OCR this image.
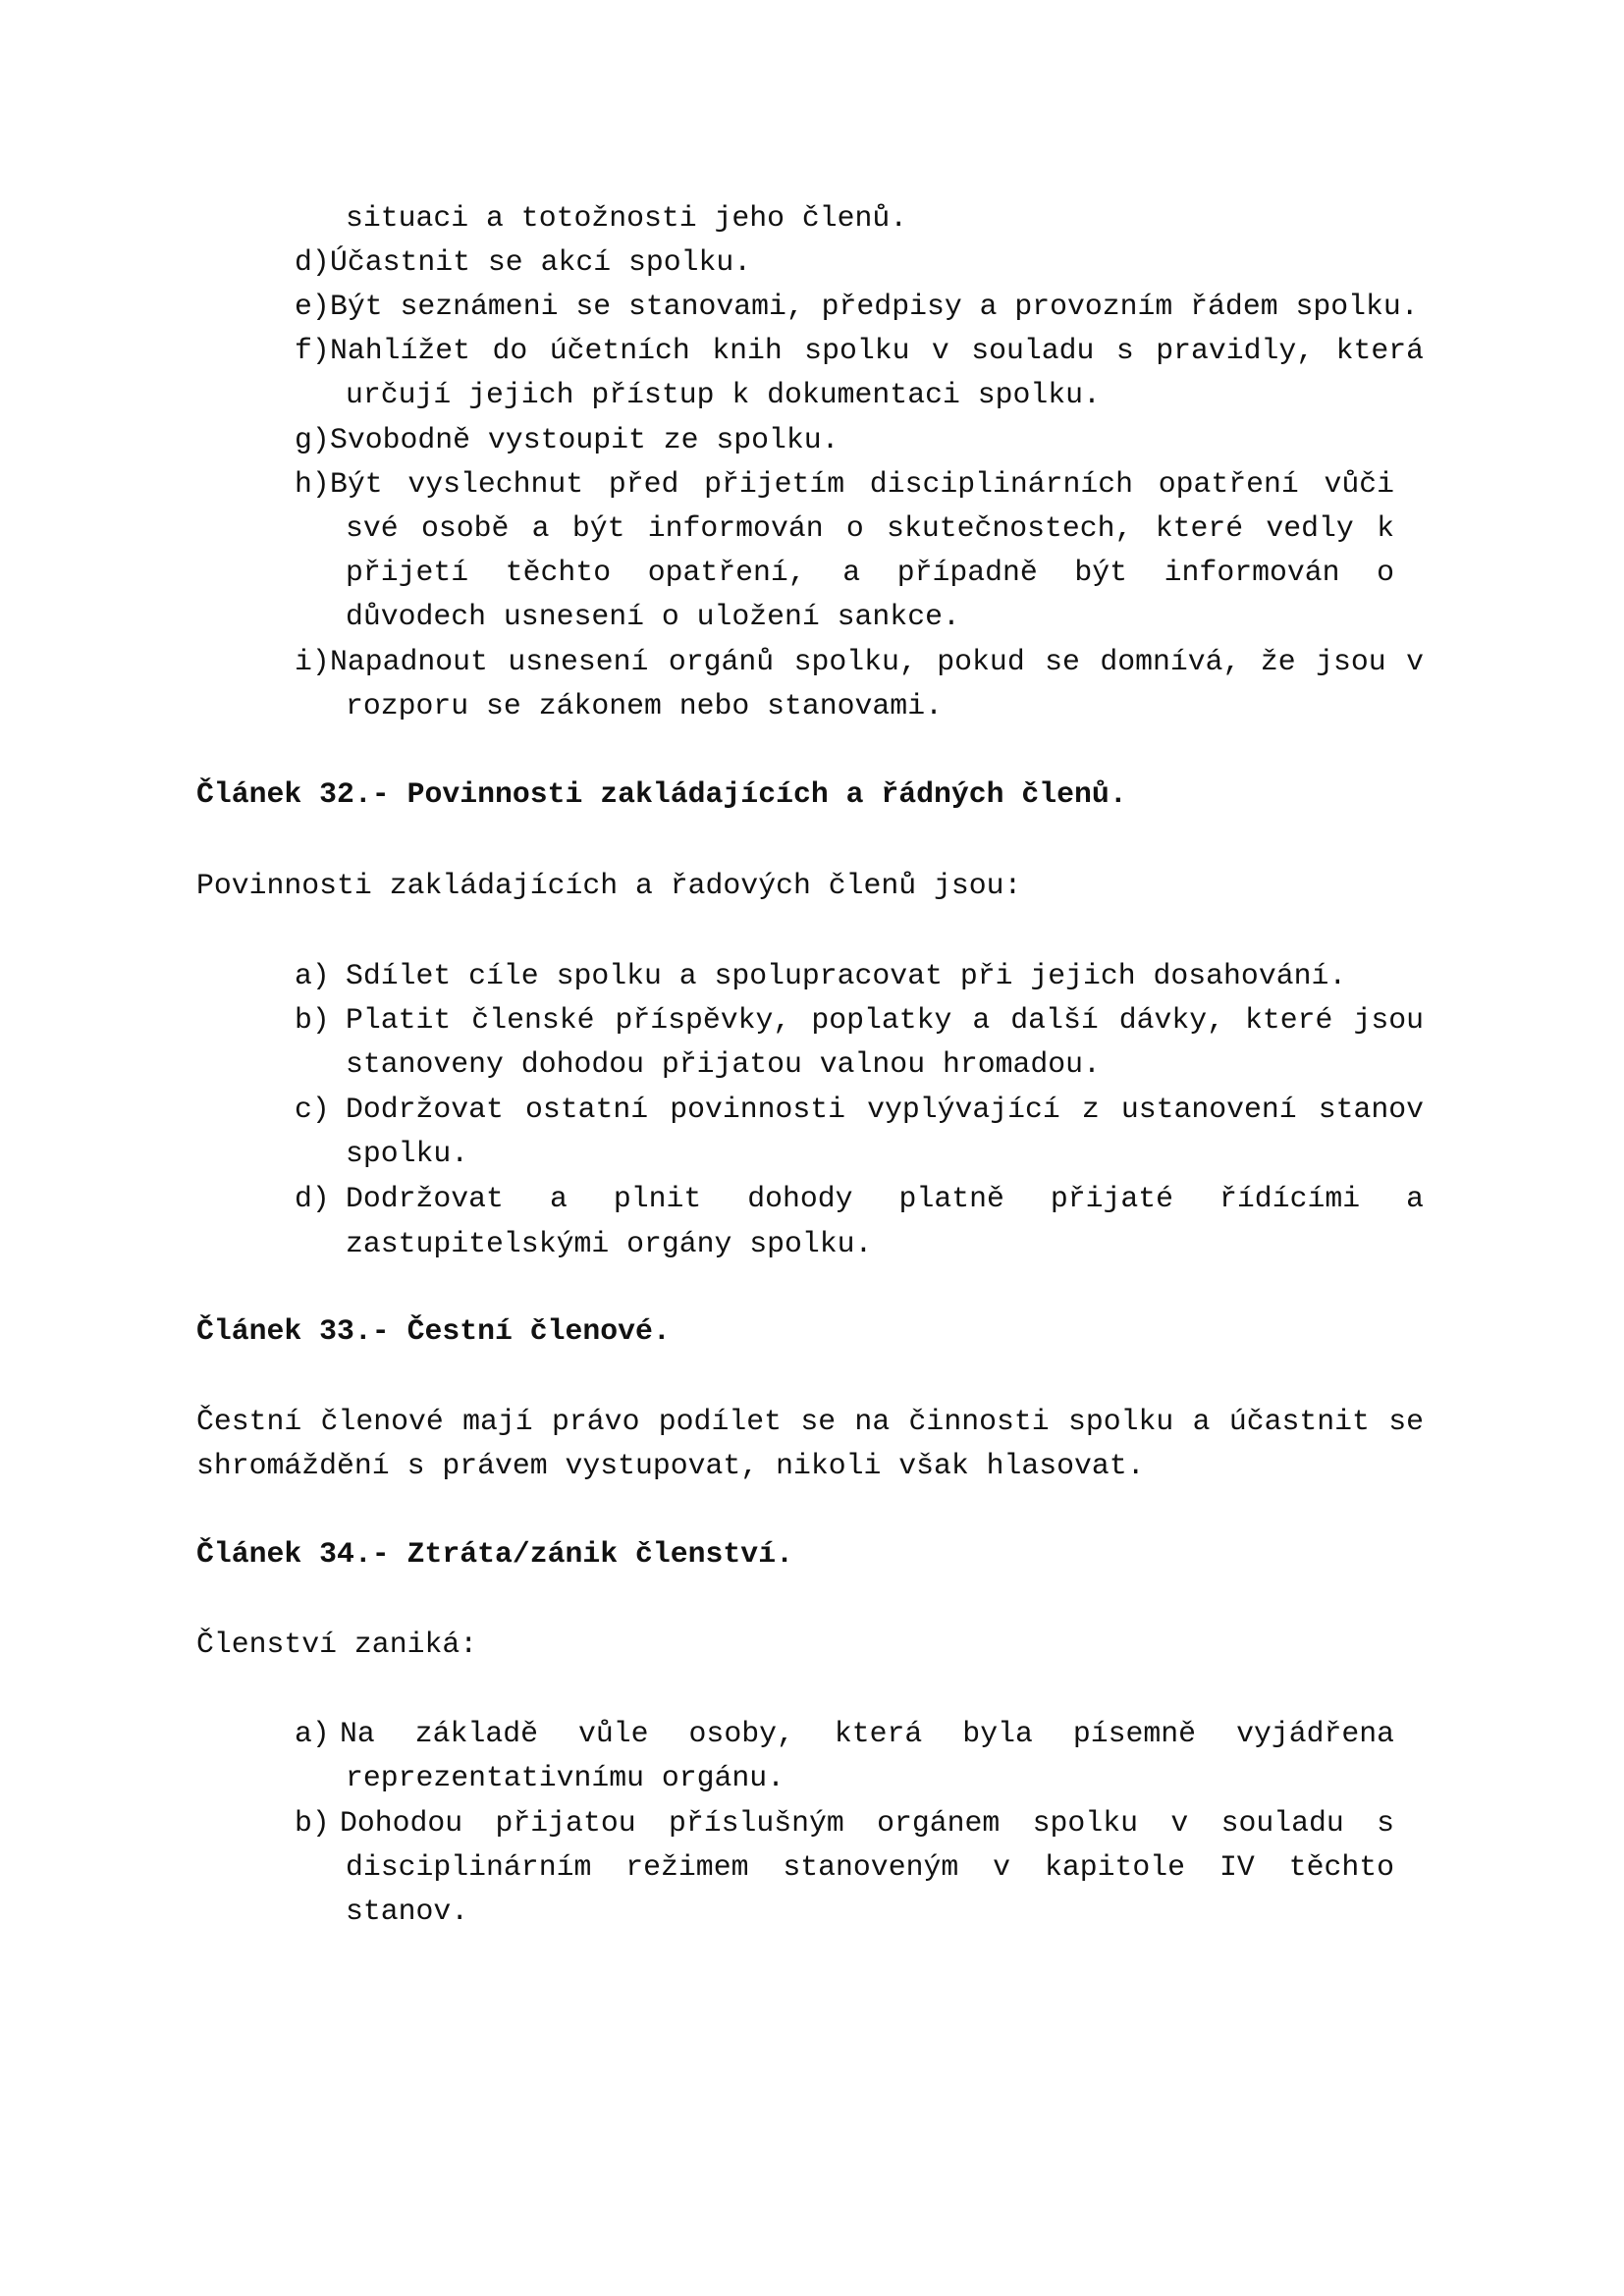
situaci a totožnosti jeho členů.
d) Účastnit se akcí spolku.
e) Být seznámeni se stanovami, předpisy a provozním řádem spolku.
f) Nahlížet do účetních knih spolku v souladu s pravidly, která
určují jejich přístup k dokumentaci spolku.
g) Svobodně vystoupit ze spolku.
h) Být vyslechnut před přijetím disciplinárních opatření vůči
své osobě a být informován o skutečnostech, které vedly k
přijetí těchto opatření, a případně být informován o
důvodech usnesení o uložení sankce.
i) Napadnout usnesení orgánů spolku, pokud se domnívá, že jsou v
rozporu se zákonem nebo stanovami.
Článek 32.- Povinnosti zakládajících a řádných členů.
Povinnosti zakládajících a řadových členů jsou:
a) Sdílet cíle spolku a spolupracovat při jejich dosahování.
b) Platit členské příspěvky, poplatky a další dávky, které jsou
stanoveny dohodou přijatou valnou hromadou.
c) Dodržovat ostatní povinnosti vyplývající z ustanovení stanov
spolku.
d) Dodržovat a plnit dohody platně přijaté řídícími a
zastupitelskými orgány spolku.
Článek 33.- Čestní členové.
Čestní členové mají právo podílet se na činnosti spolku a účastnit se
shromáždění s právem vystupovat, nikoli však hlasovat.
Článek 34.- Ztráta/zánik členství.
Členství zaniká:
a) Na základě vůle osoby, která byla písemně vyjádřena
reprezentativnímu orgánu.
b) Dohodou přijatou příslušným orgánem spolku v souladu s
disciplinárním režimem stanoveným v kapitole IV těchto
stanov.
